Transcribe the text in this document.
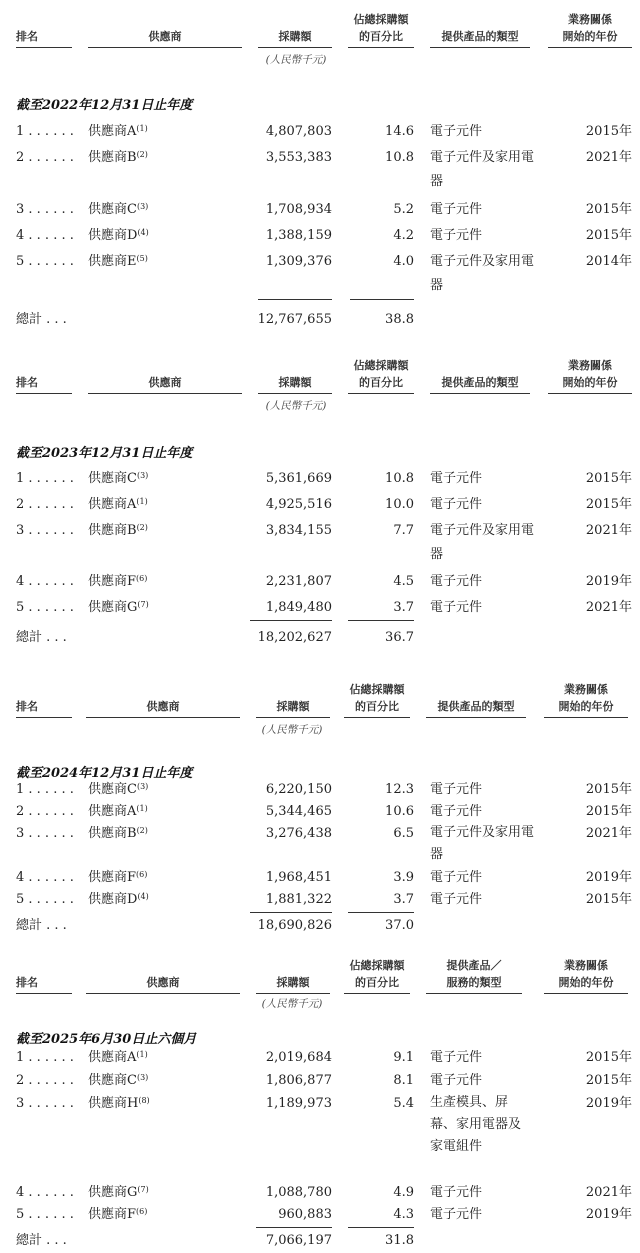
排名	供應商	採購額
佔總採購額
的百分比	提供產品的類型
業務關係
開始的年份
(人民幣千元)
截至2022年12月31日止年度
1 . . . . . . 供應商$A^{(1)}$	4,807,803	14.6 電子元件	2015年
2 . . . . . . 供應商$B^{(2)}$	3,553,383	10.8 電子元件及家用電器
2021年
3 . . . . . . 供應商$C^{(3)}$	1,708,934	5.2 電子元件	2015年
4 . . . . . . 供應商$D^{(4)}$	1,388,159	4.2 電子元件	2015年
5 . . . . . . 供應商$E^{(5)}$	1,309,376	4.0 電子元件及家用電器
2014年
總計 . . .	12,767,655	38.8
排名	供應商	採購額
佔總採購額
的百分比	提供產品的類型
業務關係
開始的年份
(人民幣千元)
截至2023年12月31日止年度
1 . . . . . . 供應商$C^{(3)}$	5,361,669	10.8 電子元件	2015年
2 . . . . . . 供應商$A^{(1)}$	4,925,516	10.0 電子元件	2015年
3 . . . . . . 供應商$B^{(2)}$	3,834,155	7.7 電子元件及家用電器
2021年
4 . . . . . . 供應商$F^{(6)}$	2,231,807	4.5 電子元件	2019年
5 . . . . . . 供應商$G^{(7)}$	1,849,480	3.7 電子元件	2021年
總計 . . .	18,202,627	36.7
排名	供應商	採購額
佔總採購額
的百分比	提供產品的類型
業務關係
開始的年份
(人民幣千元)
截至2024年12月31日止年度
1 . . . . . . 供應商$C^{(3)}$	6,220,150	12.3 電子元件	2015年
2 . . . . . . 供應商$A^{(1)}$	5,344,465	10.6 電子元件	2015年
3 . . . . . . 供應商$B^{(2)}$	3,276,438	6.5 電子元件及家用電器
2021年
4 . . . . . . 供應商$F^{(6)}$	1,968,451	3.9 電子元件	2019年
5 . . . . . . 供應商$D^{(4)}$	1,881,322	3.7 電子元件	2015年
總計 . . .	18,690,826	37.0
排名	供應商	採購額
佔總採購額
的百分比
提供產品／
服務的類型
業務關係
開始的年份
(人民幣千元)
截至2025年6月30日止六個月
1 . . . . . . 供應商$A^{(1)}$	2,019,684	9.1 電子元件	2015年
2 . . . . . . 供應商$C^{(3)}$	1,806,877	8.1 電子元件	2015年
3 . . . . . . 供應商$H^{(8)}$	1,189,973	5.4 生產模具、屏幕、家用電器及家電組件
2019年
4 . . . . . . 供應商$G^{(7)}$	1,088,780	4.9 電子元件	2021年
5 . . . . . . 供應商$F^{(6)}$	960,883	4.3 電子元件	2019年
總計 . . .	7,066,197	31.8
